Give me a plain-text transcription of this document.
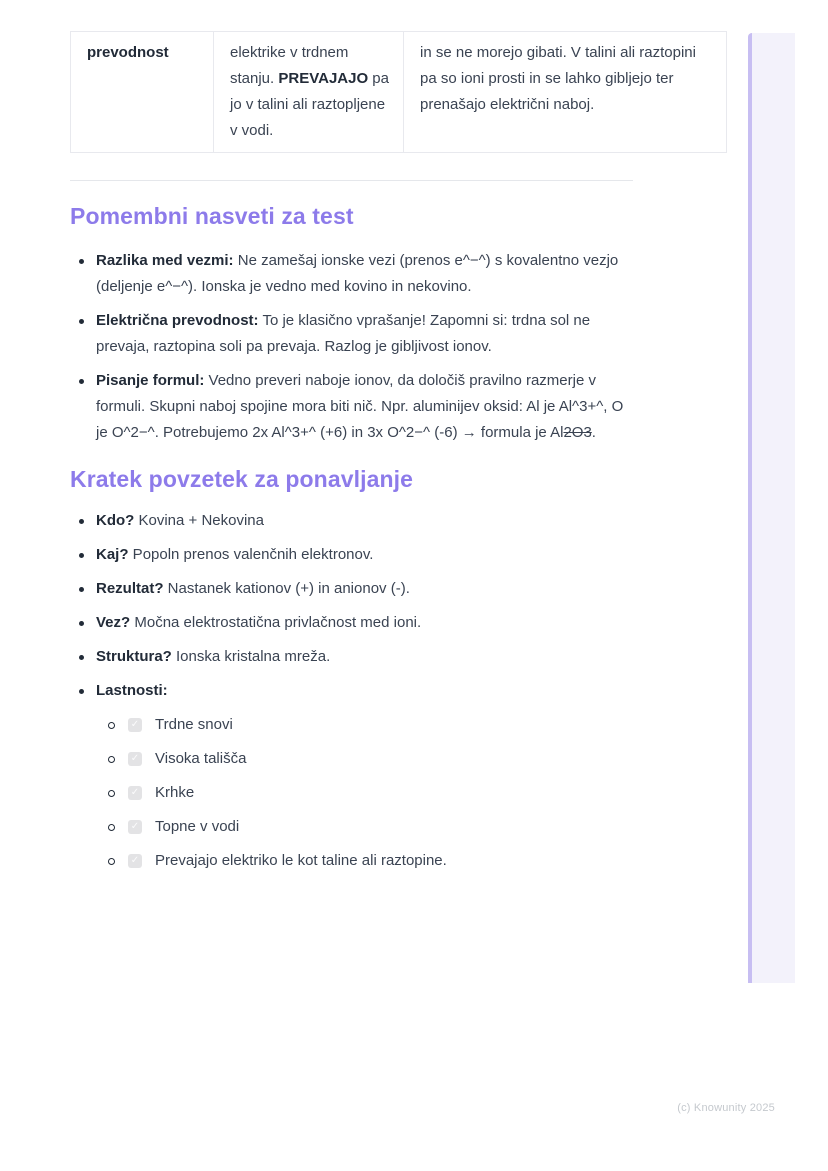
prevodnost	elektrike v trdnem stanju. PREVAJAJO pa jo v talini ali raztopljene v vodi.	in se ne morejo gibati. V talini ali raztopini pa so ioni prosti in se lahko gibljejo ter prenašajo električni naboj.
Pomembni nasveti za test
Razlika med vezmi: Ne zamešaj ionske vezi (prenos e^−^) s kovalentno vezjo (deljenje e^−^). Ionska je vedno med kovino in nekovino.
Električna prevodnost: To je klasično vprašanje! Zapomni si: trdna sol ne prevaja, raztopina soli pa prevaja. Razlog je gibljivost ionov.
Pisanje formul: Vedno preveri naboje ionov, da določiš pravilno razmerje v formuli. Skupni naboj spojine mora biti nič. Npr. aluminijev oksid: Al je Al^3+^, O je O^2−^. Potrebujemo 2x Al^3+^ (+6) in 3x O^2−^ (-6) → formula je Al2O3.
Kratek povzetek za ponavljanje
Kdo? Kovina + Nekovina
Kaj? Popoln prenos valenčnih elektronov.
Rezultat? Nastanek kationov (+) in anionov (-).
Vez? Močna elektrostatična privlačnost med ioni.
Struktura? Ionska kristalna mreža.
Lastnosti:
✓ Trdne snovi
✓ Visoka tališča
✓ Krhke
✓ Topne v vodi
✓ Prevajajo elektriko le kot taline ali raztopine.
(c) Knowunity 2025
